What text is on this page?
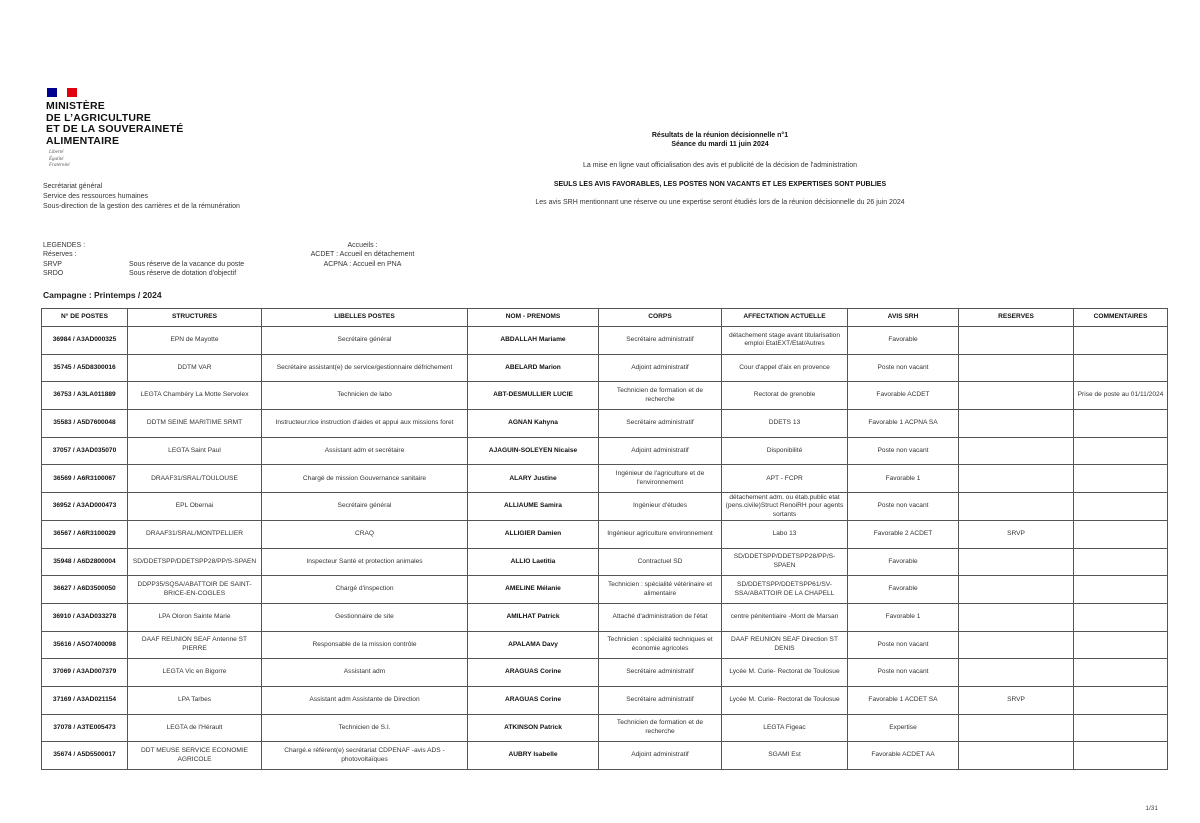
MINISTÈRE
DE L’AGRICULTURE
ET DE LA SOUVERAINETÉ
ALIMENTAIRE
Liberté
Égalité
Fraternité
Secrétariat général
Service des ressources humaines
Sous-direction de la gestion des carrières et de la rémunération
Résultats de la réunion décisionnelle n°1
Séance du mardi 11 juin 2024
La mise en ligne vaut officialisation des avis et publicité de la décision de l'administration
SEULS LES AVIS FAVORABLES, LES POSTES NON VACANTS ET LES EXPERTISES SONT PUBLIES
Les avis SRH mentionnant une réserve ou une expertise seront étudiés lors de la réunion décisionnelle du 26 juin 2024
LEGENDES :
Réserves :
SRVP	Sous réserve de la vacance du poste
SRDO	Sous réserve de dotation d'objectif
Accueils :
ACDET : Accueil en détachement
ACPNA : Accueil en PNA
Campagne : Printemps / 2024
N° DE POSTES	STRUCTURES	LIBELLES POSTES	NOM - PRENOMS	CORPS	AFFECTATION ACTUELLE	AVIS SRH	RESERVES	COMMENTAIRES
36984 / A3AD000325	EPN de Mayotte	Secrétaire général	ABDALLAH Mariame	Secrétaire administratif	détachement stage avant titularisation emploi EtatEXT/Etat/Autres	Favorable		
35745 / A5D8300016	DDTM VAR	Secrétaire assistant(e) de service/gestionnaire défrichement	ABELARD Marion	Adjoint administratif	Cour d'appel d'aix en provence	Poste non vacant		
36753 / A3LA011889	LEGTA Chambéry La Motte Servolex	Technicien de labo	ABT-DESMULLIER LUCIE	Technicien de formation et de recherche	Rectorat de grenoble	Favorable ACDET		Prise de poste au 01/11/2024
35583 / A5D7600048	DDTM SEINE MARITIME SRMT	Instructeur.rice instruction d'aides et appui aux missions foret	AGNAN Kahyna	Secrétaire administratif	DDETS 13	Favorable 1 ACPNA SA		
37057 / A3AD035070	LEGTA Saint Paul	Assistant adm et secrétaire	AJAGUIN-SOLEYEN Nicaise	Adjoint administratif	Disponibilité	Poste non vacant		
36569 / A6R3100067	DRAAF31/SRAL/TOULOUSE	Chargé de mission Gouvernance sanitaire	ALARY Justine	Ingénieur de l'agriculture et de l'environnement	APT - FCPR	Favorable 1		
36952 / A3AD000473	EPL Obernai	Secrétaire général	ALLIAUME Samira	Ingénieur d'études	détachement adm. ou étab.public etat (pens.civile)Struct RenoiRH pour agents sortants	Poste non vacant		
36567 / A6R3100029	DRAAF31/SRAL/MONTPELLIER	CRAQ	ALLIGIER Damien	Ingénieur agriculture environnement	Labo 13	Favorable 2 ACDET	SRVP	
35948 / A6D2800004	SD/DDETSPP/DDETSPP28/PP/S-SPAEN	Inspecteur Santé et protection animales	ALLIO Laetitia	Contractuel SD	SD/DDETSPP/DDETSPP28/PP/S-SPAEN	Favorable		
36627 / A6D3500050	DDPP35/SQSA/ABATTOIR DE SAINT-BRICE-EN-COGLES	Chargé d'inspection	AMELINE Mélanie	Technicien : spécialité vétérinaire et alimentaire	SD/DDETSPP/DDETSPP61/SV-SSA/ABATTOIR DE LA CHAPELL	Favorable		
36910 / A3AD033278	LPA Oloron Sainte Marie	Gestionnaire de site	AMILHAT Patrick	Attaché d'administration de l'état	centre pénitentiaire -Mont de Marsan	Favorable 1		
35616 / A5O7400098	DAAF REUNION SEAF Antenne ST PIERRE	Responsable de la mission contrôle	APALAMA Davy	Technicien : spécialité techniques et économie agricoles	DAAF REUNION SEAF Direction ST DENIS	Poste non vacant		
37069 / A3AD007379	LEGTA Vic en Bigorre	Assistant adm	ARAGUAS Corine	Secrétaire administratif	Lycée M. Curie- Rectorat de Toulosue	Poste non vacant		
37169 / A3AD021154	LPA Tarbes	Assistant adm Assistante de Direction	ARAGUAS Corine	Secrétaire administratif	Lycée M. Curie- Rectorat de Toulosue	Favorable 1 ACDET SA	SRVP	
37078 / A3TE005473	LEGTA de l'Hérault	Technicien de S.I.	ATKINSON Patrick	Technicien de formation et de recherche	LEGTA Figeac	Expertise		
35674 / A5D5500017	DDT MEUSE SERVICE ECONOMIE AGRICOLE	Chargé.e référent(e) secrétariat CDPENAF -avis ADS - photovoltaïques	AUBRY Isabelle	Adjoint administratif	SGAMI Est	Favorable ACDET AA		
1/31
